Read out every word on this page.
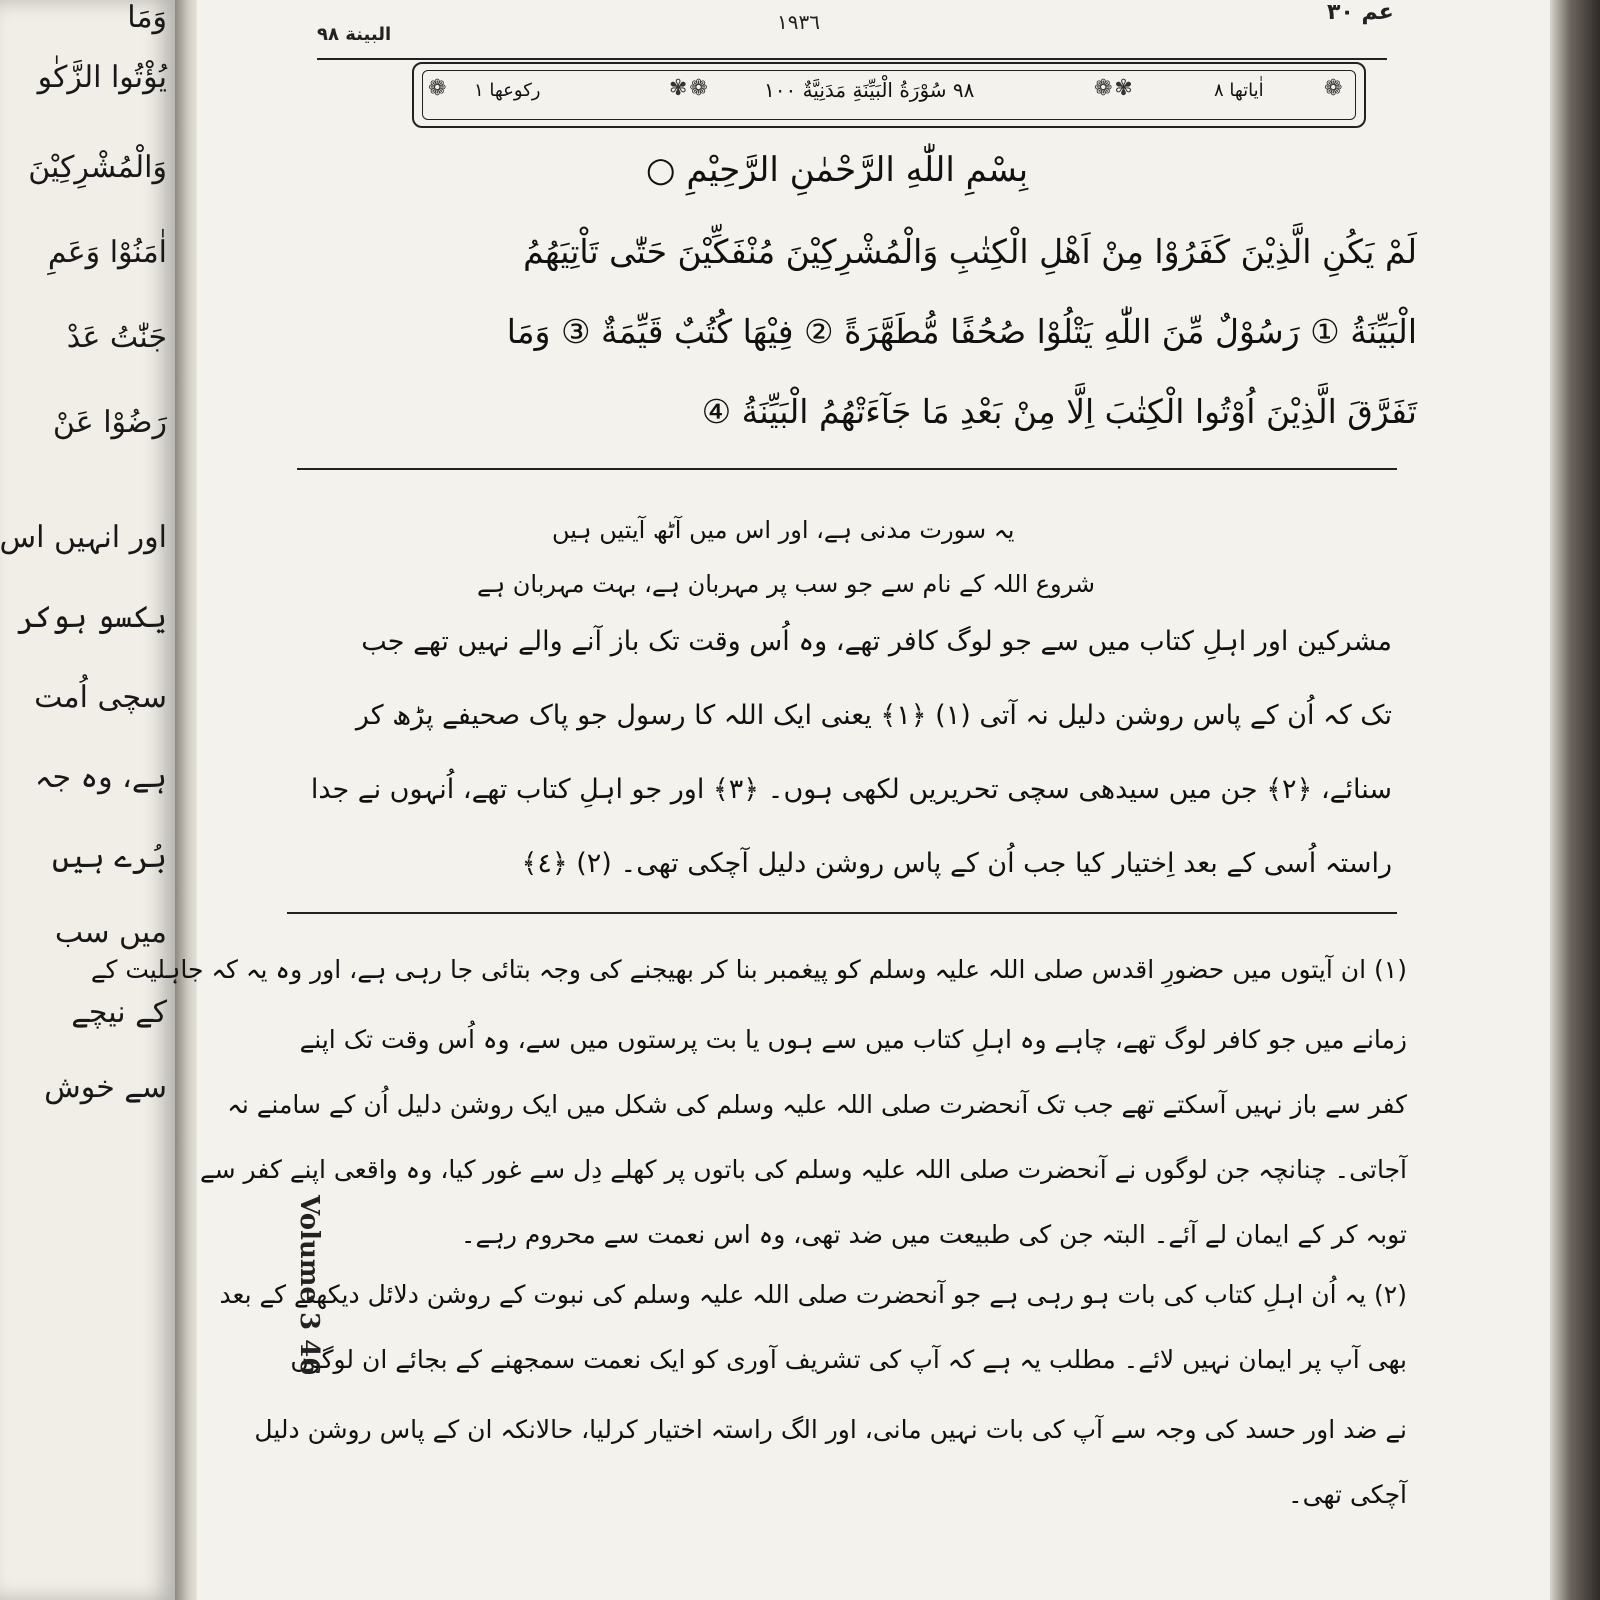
وَمَا
يُؤْتُوا الزَّكٰو
وَالْمُشْرِكِيْنَ
اٰمَنُوْا وَعَمِ
جَنّٰتُ عَدْ
رَضُوْا عَنْ
اور انہیں اس
یکسو ہوکر
سچی اُمت
ہے، وہ جہ
بُرے ہیں
میں سب
کے نیچے
سے خوش
البينة ٩٨
١٩٣٦	عم ٣٠
❁	✾❁	❁✾	❁
رکوعها ١	٩٨ سُوْرَةُ الْبَيِّنَةِ مَدَنِيَّةٌ ١٠٠	اٰیاتها ٨
بِسْمِ اللّٰهِ الرَّحْمٰنِ الرَّحِيْمِ ○
لَمْ يَكُنِ الَّذِيْنَ كَفَرُوْا مِنْ اَهْلِ الْكِتٰبِ وَالْمُشْرِكِيْنَ مُنْفَكِّيْنَ حَتّٰى تَاْتِيَهُمُ
الْبَيِّنَةُ ① رَسُوْلٌ مِّنَ اللّٰهِ يَتْلُوْا صُحُفًا مُّطَهَّرَةً ② فِيْهَا كُتُبٌ قَيِّمَةٌ ③ وَمَا
تَفَرَّقَ الَّذِيْنَ اُوْتُوا الْكِتٰبَ اِلَّا مِنْ بَعْدِ مَا جَآءَتْهُمُ الْبَيِّنَةُ ④
یہ سورت مدنی ہے، اور اس میں آٹھ آیتیں ہیں
شروع اللہ کے نام سے جو سب پر مہربان ہے، بہت مہربان ہے
مشرکین اور اہلِ کتاب میں سے جو لوگ کافر تھے، وہ اُس وقت تک باز آنے والے نہیں تھے جب
تک کہ اُن کے پاس روشن دلیل نہ آتی (١) ﴿١﴾ یعنی ایک اللہ کا رسول جو پاک صحیفے پڑھ کر
سنائے، ﴿٢﴾ جن میں سیدھی سچی تحریریں لکھی ہوں۔ ﴿٣﴾ اور جو اہلِ کتاب تھے، اُنہوں نے جدا
راستہ اُسی کے بعد اِختیار کیا جب اُن کے پاس روشن دلیل آچکی تھی۔ (٢) ﴿٤﴾
(١) ان آیتوں میں حضورِ اقدس صلی اللہ علیہ وسلم کو پیغمبر بنا کر بھیجنے کی وجہ بتائی جا رہی ہے، اور وہ یہ کہ جاہلیت کے
زمانے میں جو کافر لوگ تھے، چاہے وہ اہلِ کتاب میں سے ہوں یا بت پرستوں میں سے، وہ اُس وقت تک اپنے
کفر سے باز نہیں آسکتے تھے جب تک آنحضرت صلی اللہ علیہ وسلم کی شکل میں ایک روشن دلیل اُن کے سامنے نہ
آجاتی۔ چنانچہ جن لوگوں نے آنحضرت صلی اللہ علیہ وسلم کی باتوں پر کھلے دِل سے غور کیا، وہ واقعی اپنے کفر سے
توبہ کر کے ایمان لے آئے۔ البتہ جن کی طبیعت میں ضد تھی، وہ اس نعمت سے محروم رہے۔
(٢) یہ اُن اہلِ کتاب کی بات ہو رہی ہے جو آنحضرت صلی اللہ علیہ وسلم کی نبوت کے روشن دلائل دیکھنے کے بعد
بھی آپ پر ایمان نہیں لائے۔ مطلب یہ ہے کہ آپ کی تشریف آوری کو ایک نعمت سمجھنے کے بجائے ان لوگوں
نے ضد اور حسد کی وجہ سے آپ کی بات نہیں مانی، اور الگ راستہ اختیار کرلیا، حالانکہ ان کے پاس روشن دلیل
آچکی تھی۔
Volume 3 46
